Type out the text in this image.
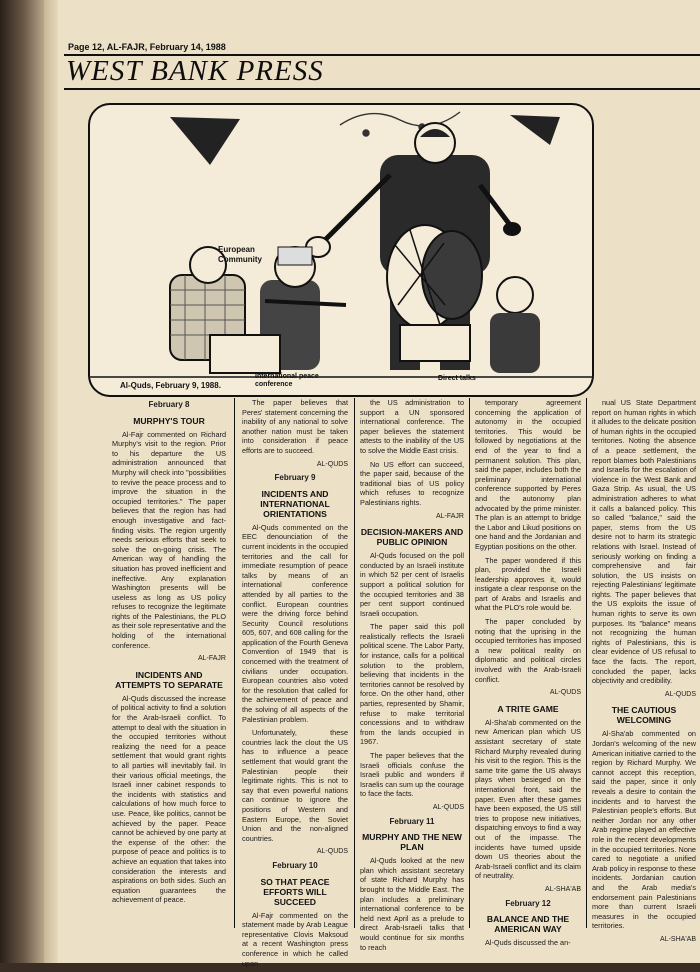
Page 12, AL-FAJR, February 14, 1988
WEST BANK PRESS

European Community
International peace conference
Direct talks
Al-Quds, February 9, 1988.
February 8
MURPHY'S TOUR

Al-Fajr commented on Richard Murphy's visit to the region. Prior to his departure the US administration announced that Murphy will check into "possibilities to revive the peace process and to improve the situation in the occupied territories." The paper believes that the region has had enough investigative and fact-finding visits. The region urgently needs serious efforts that seek to solve the on-going crisis. The American way of handling the situation has proved inefficient and ineffective. Any explanation Washington presents will be useless as long as US policy refuses to recognize the legitimate rights of the Palestinians, the PLO as their sole representative and the holding of the international conference.

AL-FAJR
INCIDENTS AND ATTEMPTS TO SEPARATE

Al-Quds discussed the increase of political activity to find a solution for the Arab-Israeli conflict. To attempt to deal with the situation in the occupied territories without realizing the need for a peace settlement that would grant rights to all parties will inevitably fail. In their various official meetings, the Israeli inner cabinet responds to the incidents with statistics and calculations of how much force to use. Peace, like politics, cannot be achieved by the paper. Peace cannot be achieved by one party at the expense of the other: the purpose of peace and politics is to achieve an equation that takes into consideration the interests and aspirations on both sides. Such an equation guarantees the achievement of peace.

The paper believes that Peres' statement concerning the inability of any national to solve another nation must be taken into consideration if peace efforts are to succeed.

AL-QUDS
February 9
INCIDENTS AND INTERNATIONAL ORIENTATIONS

Al-Quds commented on the EEC denounciation of the current incidents in the occupied territories and the call for immediate resumption of peace talks by means of an international conference attended by all parties to the conflict. European countries were the driving force behind Security Council resolutions 605, 607, and 608 calling for the application of the Fourth Geneva Convention of 1949 that is concerned with the treatment of civilians under occupation. European countries also voted for the resolution that called for the achievement of peace and the solving of all aspects of the Palestinian problem.

Unfortunately, these countries lack the clout the US has to influence a peace settlement that would grant the Palestinian people their legitimate rights. This is not to say that even powerful nations can continue to ignore the positions of Western and Eastern Europe, the Soviet Union and the non-aligned countries.

AL-QUDS
February 10
SO THAT PEACE EFFORTS WILL SUCCEED

Al-Fajr commented on the statement made by Arab League representative Clovis Maksoud at a recent Washington press conference in which he called upon

the US administration to support a UN sponsored international conference. The paper believes the statement attests to the inability of the US to solve the Middle East crisis.

No US effort can succeed, the paper said, because of the traditional bias of US policy which refuses to recognize Palestinians rights.

AL-FAJR
DECISION-MAKERS AND PUBLIC OPINION

Al-Quds focused on the poll conducted by an Israeli institute in which 52 per cent of Israelis support a political solution for the occupied territories and 38 per cent support continued Israeli occupation.

The paper said this poll realistically reflects the Israeli political scene. The Labor Party, for instance, calls for a political solution to the problem, believing that incidents in the territories cannot be resolved by force. On the other hand, other parties, represented by Shamir, refuse to make territorial concessions and to withdraw from the lands occupied in 1967.

The paper believes that the Israeli officials confuse the Israeli public and wonders if Israelis can sum up the courage to face the facts.

AL-QUDS
February 11
MURPHY AND THE NEW PLAN

Al-Quds looked at the new plan which assistant secretary of state Richard Murphy has brought to the Middle East. The plan includes a preliminary international conference to be held next April as a prelude to direct Arab-Israeli talks that would continue for six months to reach

temporary agreement concerning the application of autonomy in the occupied territories. This would be followed by negotiations at the end of the year to find a permanent solution. This plan, said the paper, includes both the preliminary international conference supported by Peres and the autonomy plan advocated by the prime minister. The plan is an attempt to bridge the Labor and Likud positions on one hand and the Jordanian and Egyptian positions on the other.

The paper wondered if this plan, provided the Israeli leadership approves it, would instigate a clear response on the part of Arabs and Israelis and what the PLO's role would be.

The paper concluded by noting that the uprising in the occupied territories has imposed a new political reality on diplomatic and political circles involved with the Arab-Israeli conflict.

AL-QUDS
A TRITE GAME

Al-Sha'ab commented on the new American plan which US assistant secretary of state Richard Murphy revealed during his visit to the region. This is the same trite game the US always plays when besieged on the international front, said the paper. Even after these games have been exposed, the US still tries to propose new initiatives, dispatching envoys to find a way out of the impasse. The incidents have turned upside down US theories about the Arab-Israeli conflict and its claim of neutrality.

AL-SHA'AB
February 12
BALANCE AND THE AMERICAN WAY

Al-Quds discussed the an-

nual US State Department report on human rights in which it alludes to the delicate position of human rights in the occupied territories. Noting the absence of a peace settlement, the report blames both Palestinians and Israelis for the escalation of violence in the West Bank and Gaza Strip. As usual, the US administration adheres to what it calls a balanced policy. This so called "balance," said the paper, stems from the US desire not to harm its strategic relations with Israel. Instead of seriously working on finding a comprehensive and fair solution, the US insists on rejecting Palestinians' legitimate rights. The paper believes that the US exploits the issue of human rights to serve its own purposes. Its "balance" means not recognizing the human rights of Palestinians, this is clear evidence of US refusal to face the facts. The report, concluded the paper, lacks objectivity and credibility.

AL-QUDS
THE CAUTIOUS WELCOMING

Al-Sha'ab commented on Jordan's welcoming of the new American initiative carried to the region by Richard Murphy. We cannot accept this reception, said the paper, since it only reveals a desire to contain the incidents and to harvest the Palestinian people's efforts. But neither Jordan nor any other Arab regime played an effective role in the recent developments in the occupied territories. None cared to negotiate a unified Arab policy in response to these incidents. Jordanian caution and the Arab media's endorsement pain Palestinians more than current Israeli measures in the occupied territories.

AL-SHA'AB
